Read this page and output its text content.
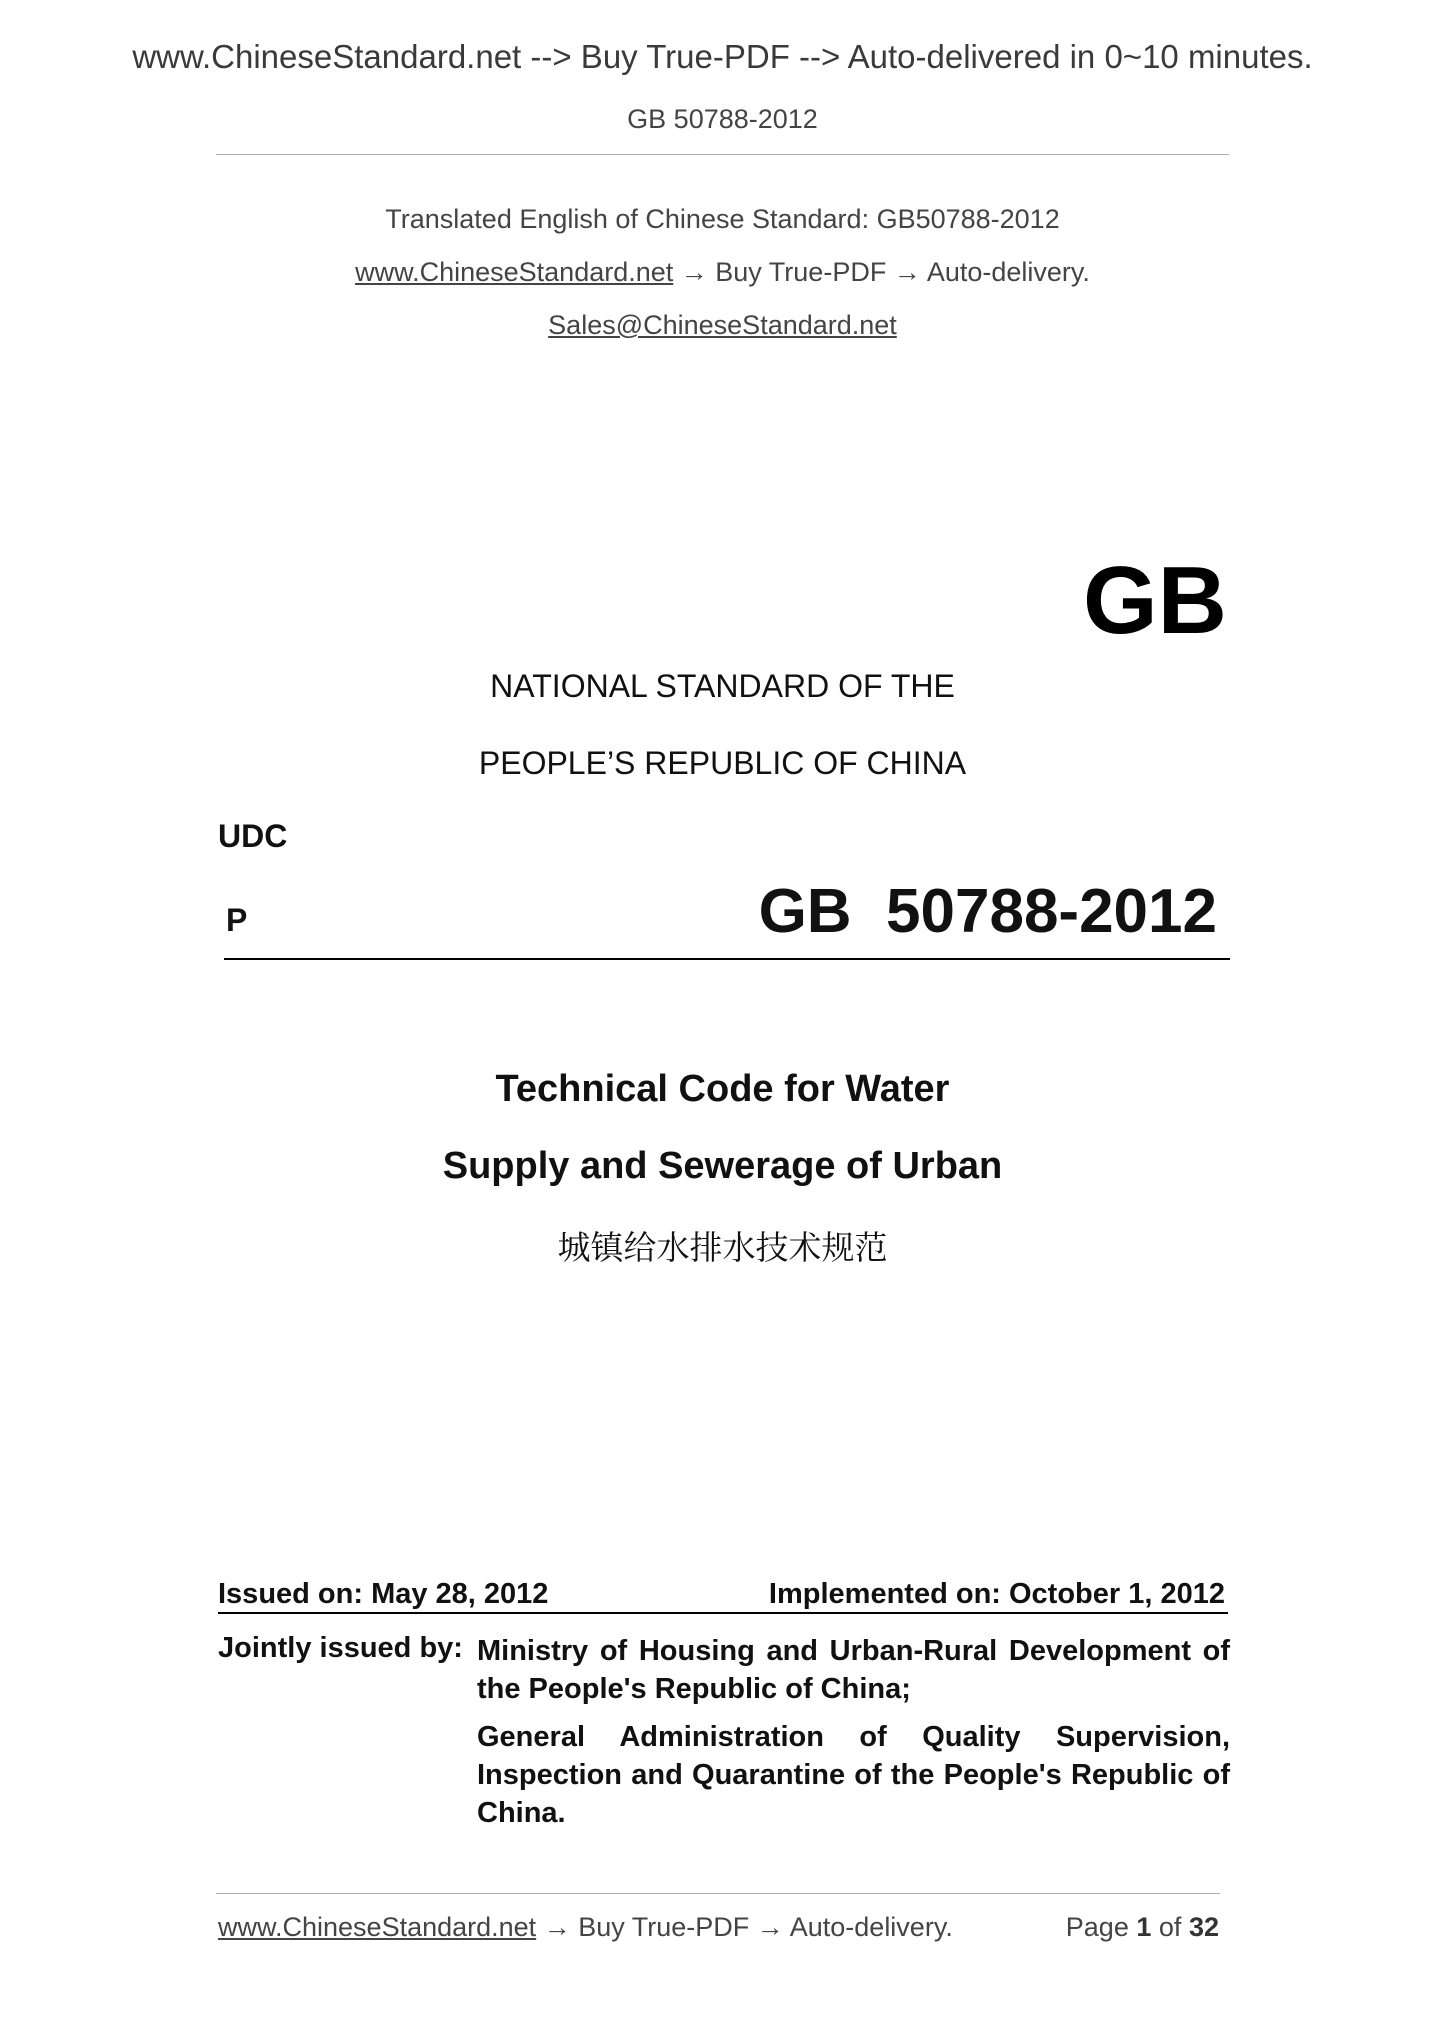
www.ChineseStandard.net --> Buy True-PDF --> Auto-delivered in 0~10 minutes.
GB 50788-2012
Translated English of Chinese Standard: GB50788-2012
www.ChineseStandard.net → Buy True-PDF → Auto-delivery.
Sales@ChineseStandard.net
GB
NATIONAL STANDARD OF THE
PEOPLE’S REPUBLIC OF CHINA
UDC
P	GB  50788-2012
Technical Code for Water
Supply and Sewerage of Urban
城镇给水排水技术规范
Issued on: May 28, 2012	Implemented on: October 1, 2012
Jointly issued by: Ministry of Housing and Urban-Rural Development of
the People's Republic of China;
General Administration of Quality Supervision,
Inspection and Quarantine of the People's Republic of
China.
www.ChineseStandard.net → Buy True-PDF → Auto-delivery.	Page 1 of 32
